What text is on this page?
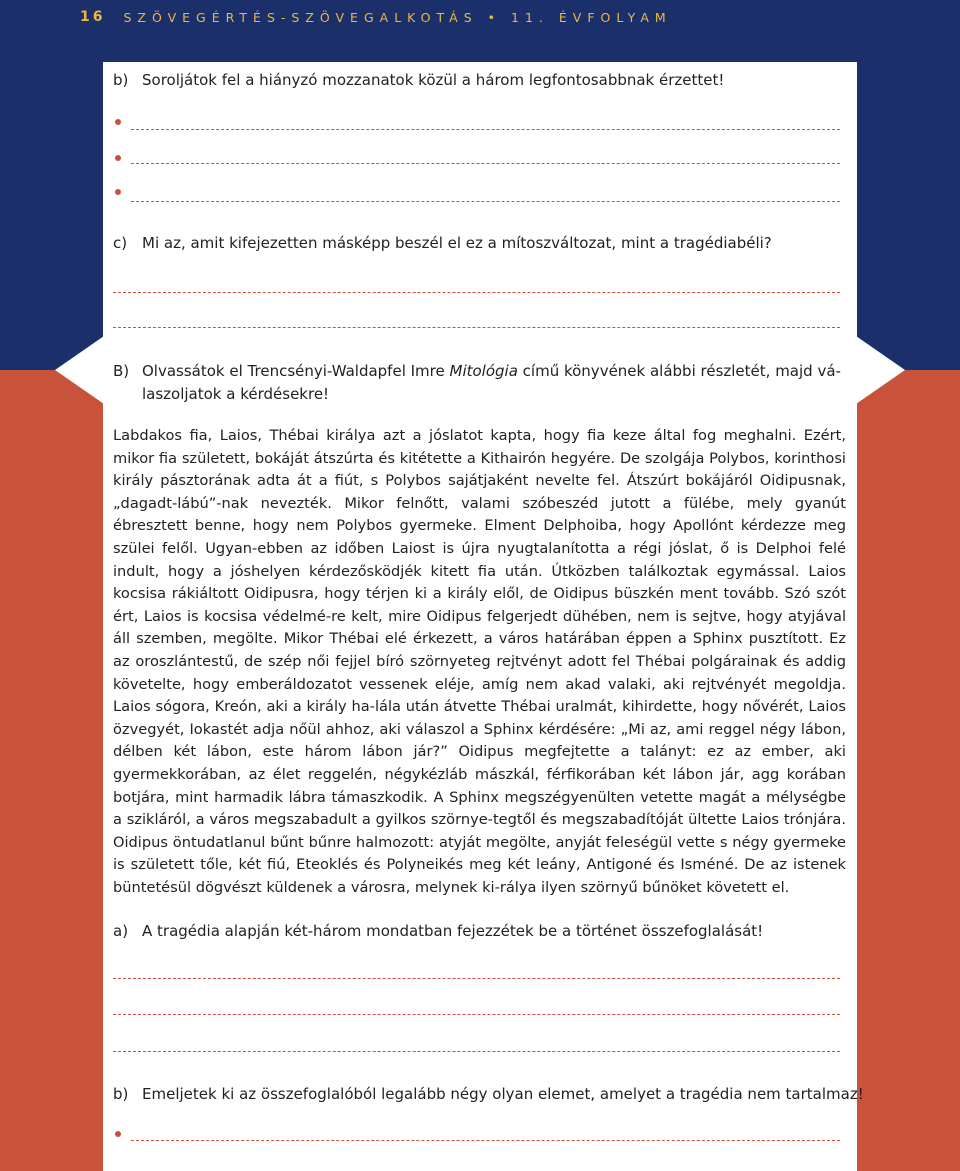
16 SZÖVEGÉRTÉS-SZÖVEGALKOTÁS • 11. ÉVFOLYAM
b) Soroljátok fel a hiányzó mozzanatok közül a három legfontosabbnak érzettet!
c) Mi az, amit kifejezetten másképp beszél el ez a mítoszváltozat, mint a tragédiabéli?
B) Olvassátok el Trencsényi-Waldapfel Imre Mitológia című könyvének alábbi részletét, majd vá-
laszoljatok a kérdésekre!
Labdakos fia, Laios, Thébai királya azt a jóslatot kapta, hogy fia keze által fog meghalni. Ezért, mikor fia született, bokáját átszúrta és kitétette a Kithairón hegyére. De szolgája Polybos, korinthosi király pásztorának adta át a fiút, s Polybos sajátjaként nevelte fel. Átszúrt bokájáról Oidipusnak, „dagadt-lábú”-nak nevezték. Mikor felnőtt, valami szóbeszéd jutott a fülébe, mely gyanút ébresztett benne, hogy nem Polybos gyermeke. Elment Delphoiba, hogy Apollónt kérdezze meg szülei felől. Ugyan-ebben az időben Laiost is újra nyugtalanította a régi jóslat, ő is Delphoi felé indult, hogy a jóshelyen kérdezősködjék kitett fia után. Útközben találkoztak egymással. Laios kocsisa rákiáltott Oidipusra, hogy térjen ki a király elől, de Oidipus büszkén ment tovább. Szó szót ért, Laios is kocsisa védelmé-re kelt, mire Oidipus felgerjedt dühében, nem is sejtve, hogy atyjával áll szemben, megölte. Mikor Thébai elé érkezett, a város határában éppen a Sphinx pusztított. Ez az oroszlántestű, de szép női fejjel bíró szörnyeteg rejtvényt adott fel Thébai polgárainak és addig követelte, hogy emberáldozatot vessenek eléje, amíg nem akad valaki, aki rejtvényét megoldja. Laios sógora, Kreón, aki a király ha-lála után átvette Thébai uralmát, kihirdette, hogy nővérét, Laios özvegyét, Iokastét adja nőül ahhoz, aki válaszol a Sphinx kérdésére: „Mi az, ami reggel négy lábon, délben két lábon, este három lábon jár?” Oidipus megfejtette a talányt: ez az ember, aki gyermekkorában, az élet reggelén, négykézláb mászkál, férfikorában két lábon jár, agg korában botjára, mint harmadik lábra támaszkodik. A Sphinx megszégyenülten vetette magát a mélységbe a szikláról, a város megszabadult a gyilkos szörnye-tegtől és megszabadítóját ültette Laios trónjára. Oidipus öntudatlanul bűnt bűnre halmozott: atyját megölte, anyját feleségül vette s négy gyermeke is született tőle, két fiú, Eteoklés és Polyneikés meg két leány, Antigoné és Isméné. De az istenek büntetésül dögvészt küldenek a városra, melynek ki-rálya ilyen szörnyű bűnöket követett el.
a) A tragédia alapján két-három mondatban fejezzétek be a történet összefoglalását!
b) Emeljetek ki az összefoglalóból legalább négy olyan elemet, amelyet a tragédia nem tartalmaz!
